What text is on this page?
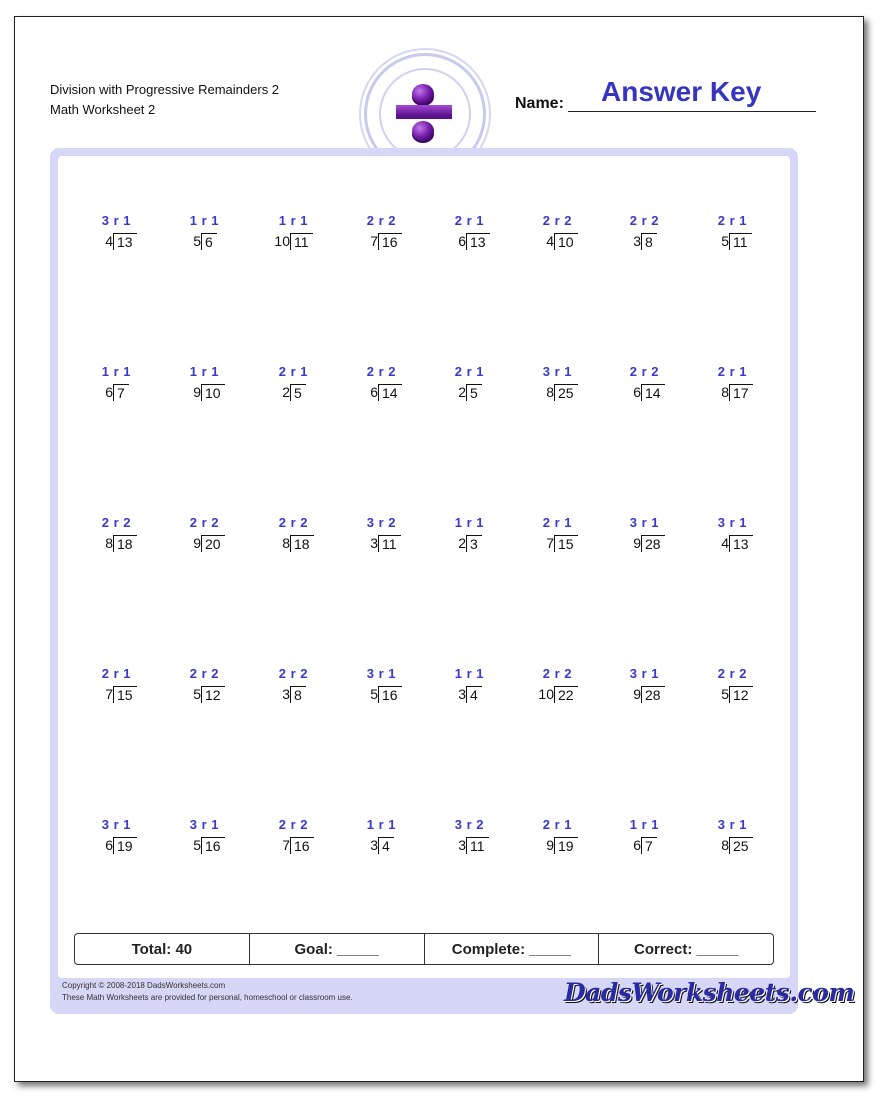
Division with Progressive Remainders 2
Math Worksheet 2
Answer Key
Name:
3 r 1
4 13
1 r 1
5 6
1 r 1
10 11
2 r 2
7 16
2 r 1
6 13
2 r 2
4 10
2 r 2
3 8
2 r 1
5 11
1 r 1
6 7
1 r 1
9 10
2 r 1
2 5
2 r 2
6 14
2 r 1
2 5
3 r 1
8 25
2 r 2
6 14
2 r 1
8 17
2 r 2
8 18
2 r 2
9 20
2 r 2
8 18
3 r 2
3 11
1 r 1
2 3
2 r 1
7 15
3 r 1
9 28
3 r 1
4 13
2 r 1
7 15
2 r 2
5 12
2 r 2
3 8
3 r 1
5 16
1 r 1
3 4
2 r 2
10 22
3 r 1
9 28
2 r 2
5 12
3 r 1
6 19
3 r 1
5 16
2 r 2
7 16
1 r 1
3 4
3 r 2
3 11
2 r 1
9 19
1 r 1
6 7
3 r 1
8 25
Total: 40	Goal: _____	Complete: _____	Correct: _____
Copyright © 2008-2018 DadsWorksheets.com
These Math Worksheets are provided for personal, homeschool or classroom use.	DadsWorksheets.com
